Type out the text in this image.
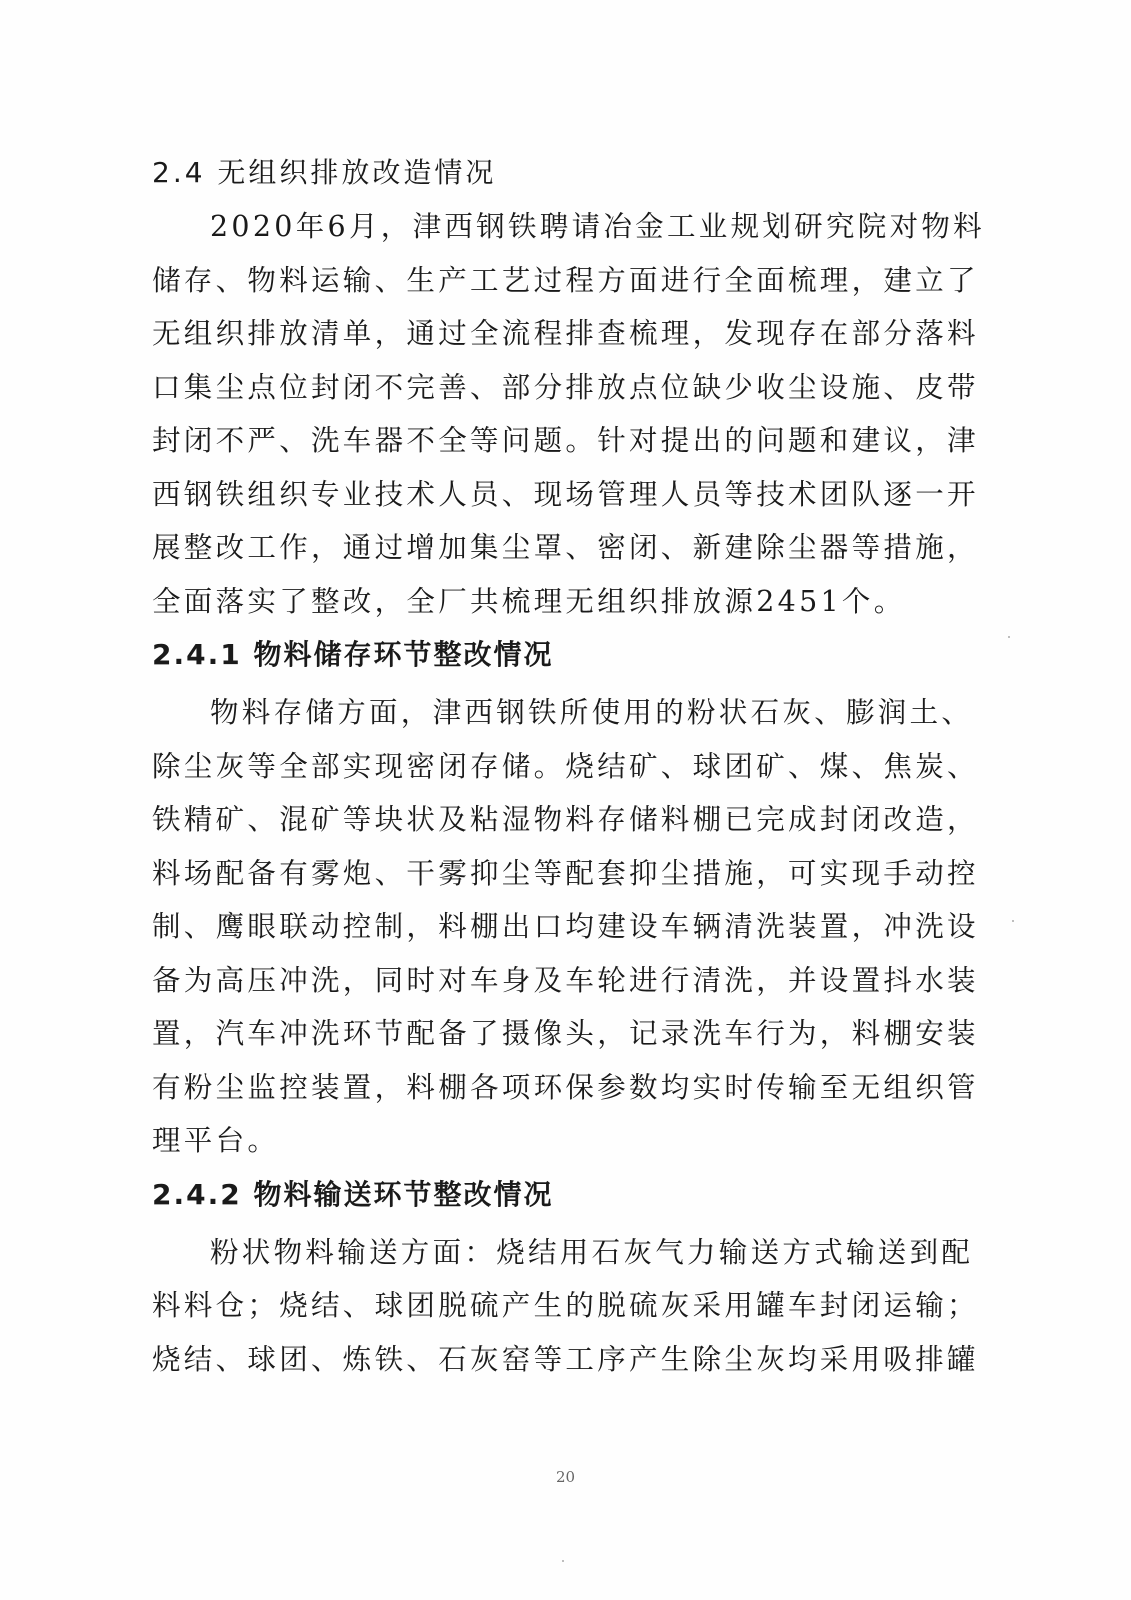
2.4 无组织排放改造情况
2020年6月，津西钢铁聘请冶金工业规划研究院对物料
储存、物料运输、生产工艺过程方面进行全面梳理，建立了
无组织排放清单，通过全流程排查梳理，发现存在部分落料
口集尘点位封闭不完善、部分排放点位缺少收尘设施、皮带
封闭不严、洗车器不全等问题。针对提出的问题和建议，津
西钢铁组织专业技术人员、现场管理人员等技术团队逐一开
展整改工作，通过增加集尘罩、密闭、新建除尘器等措施，
全面落实了整改，全厂共梳理无组织排放源2451个。
2.4.1 物料储存环节整改情况
物料存储方面，津西钢铁所使用的粉状石灰、膨润土、
除尘灰等全部实现密闭存储。烧结矿、球团矿、煤、焦炭、
铁精矿、混矿等块状及粘湿物料存储料棚已完成封闭改造，
料场配备有雾炮、干雾抑尘等配套抑尘措施，可实现手动控
制、鹰眼联动控制，料棚出口均建设车辆清洗装置，冲洗设
备为高压冲洗，同时对车身及车轮进行清洗，并设置抖水装
置，汽车冲洗环节配备了摄像头，记录洗车行为，料棚安装
有粉尘监控装置，料棚各项环保参数均实时传输至无组织管
理平台。
2.4.2 物料输送环节整改情况
粉状物料输送方面：烧结用石灰气力输送方式输送到配
料料仓；烧结、球团脱硫产生的脱硫灰采用罐车封闭运输；
烧结、球团、炼铁、石灰窑等工序产生除尘灰均采用吸排罐
20
